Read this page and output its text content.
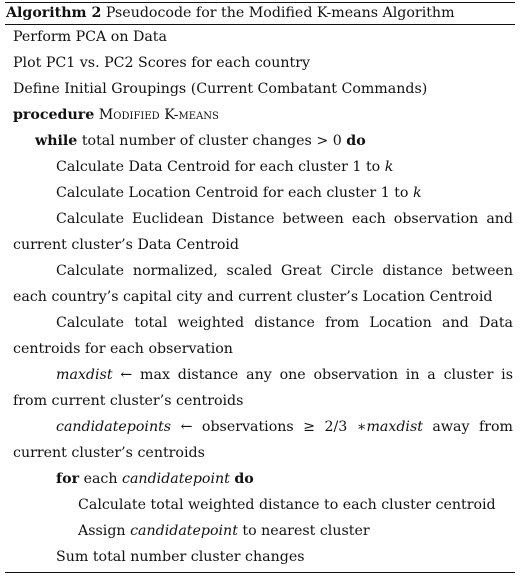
Algorithm 2 Pseudocode for the Modified K-means Algorithm

Perform PCA on Data

Plot PC1 vs. PC2 Scores for each country

Define Initial Groupings (Current Combatant Commands)

procedure Modified K-means

while total number of cluster changes > 0 do

Calculate Data Centroid for each cluster 1 to k

Calculate Location Centroid for each cluster 1 to k

Calculate Euclidean Distance between each observation and current cluster’s Data Centroid

Calculate normalized, scaled Great Circle distance between each country’s capital city and current cluster’s Location Centroid

Calculate total weighted distance from Location and Data centroids for each observation

maxdist ← max distance any one observation in a cluster is from current cluster’s centroids

candidatepoints ← observations ≥ 2/3 ∗maxdist away from current cluster’s centroids

for each candidatepoint do

Calculate total weighted distance to each cluster centroid

Assign candidatepoint to nearest cluster

Sum total number cluster changes
